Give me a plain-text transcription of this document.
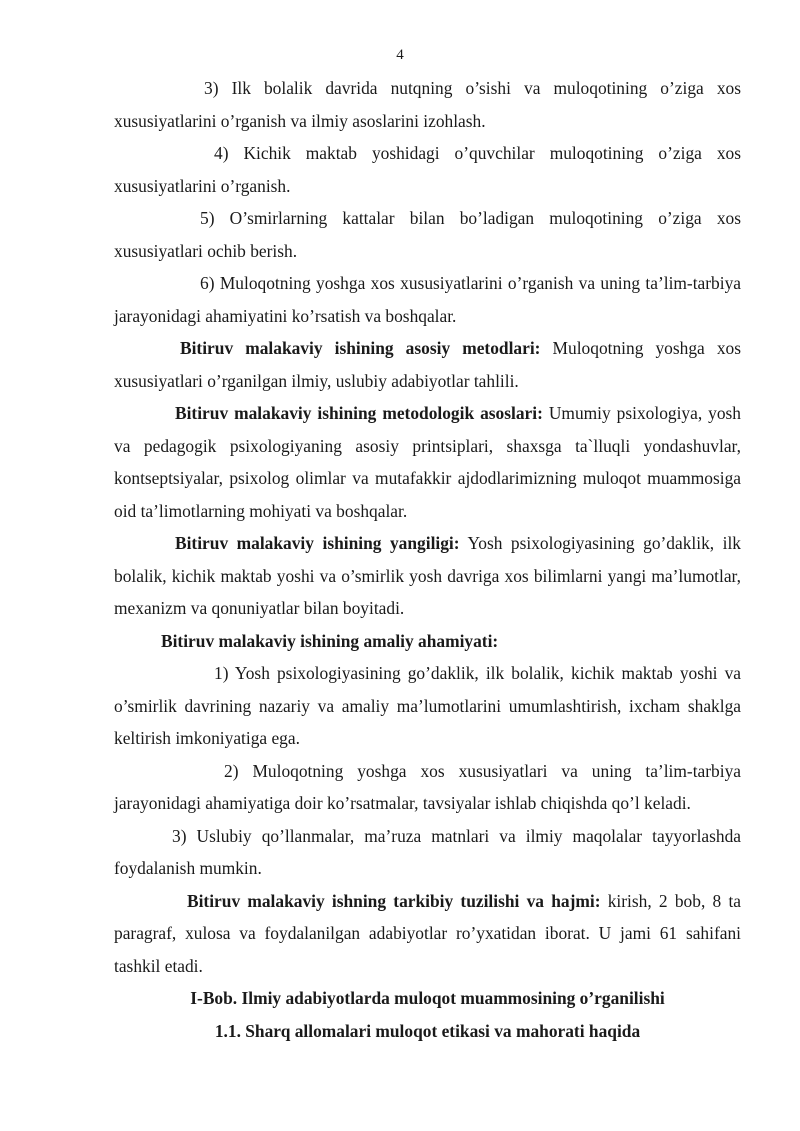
4

3) Ilk bolalik davrida nutqning o’sishi va muloqotining o’ziga xos xususiyatlarini o’rganish va ilmiy asoslarini izohlash.

4) Kichik maktab yoshidagi o’quvchilar muloqotining o’ziga xos xususiyatlarini o’rganish.

5) O’smirlarning kattalar bilan bo’ladigan muloqotining o’ziga xos xususiyatlari ochib berish.

6) Muloqotning yoshga xos xususiyatlarini o’rganish va uning ta’lim-tarbiya jarayonidagi ahamiyatini ko’rsatish va boshqalar.

Bitiruv malakaviy ishining asosiy metodlari: Muloqotning yoshga xos xususiyatlari o’rganilgan ilmiy, uslubiy adabiyotlar tahlili.

Bitiruv malakaviy ishining metodologik asoslari: Umumiy psixologiya, yosh va pedagogik psixologiyaning asosiy printsiplari, shaxsga ta`lluqli yondashuvlar, kontseptsiyalar, psixolog olimlar va mutafakkir ajdodlarimizning muloqot muammosiga oid ta’limotlarning mohiyati va boshqalar.

Bitiruv malakaviy ishining yangiligi: Yosh psixologiyasining go’daklik, ilk bolalik, kichik maktab yoshi va o’smirlik yosh davriga xos bilimlarni yangi ma’lumotlar, mexanizm va qonuniyatlar bilan boyitadi.

Bitiruv malakaviy ishining amaliy ahamiyati:

1) Yosh psixologiyasining go’daklik, ilk bolalik, kichik maktab yoshi va o’smirlik davrining nazariy va amaliy ma’lumotlarini umumlashtirish, ixcham shaklga keltirish imkoniyatiga ega.

2) Muloqotning yoshga xos xususiyatlari va uning ta’lim-tarbiya jarayonidagi ahamiyatiga doir ko’rsatmalar, tavsiyalar ishlab chiqishda qo’l keladi.

3) Uslubiy qo’llanmalar, ma’ruza matnlari va ilmiy maqolalar tayyorlashda foydalanish mumkin.

Bitiruv malakaviy ishning tarkibiy tuzilishi va hajmi: kirish, 2 bob, 8 ta paragraf, xulosa va foydalanilgan adabiyotlar ro’yxatidan iborat. U jami 61 sahifani tashkil etadi.

I-Bob. Ilmiy adabiyotlarda muloqot muammosining o’rganilishi

1.1. Sharq allomalari muloqot etikasi va mahorati haqida
